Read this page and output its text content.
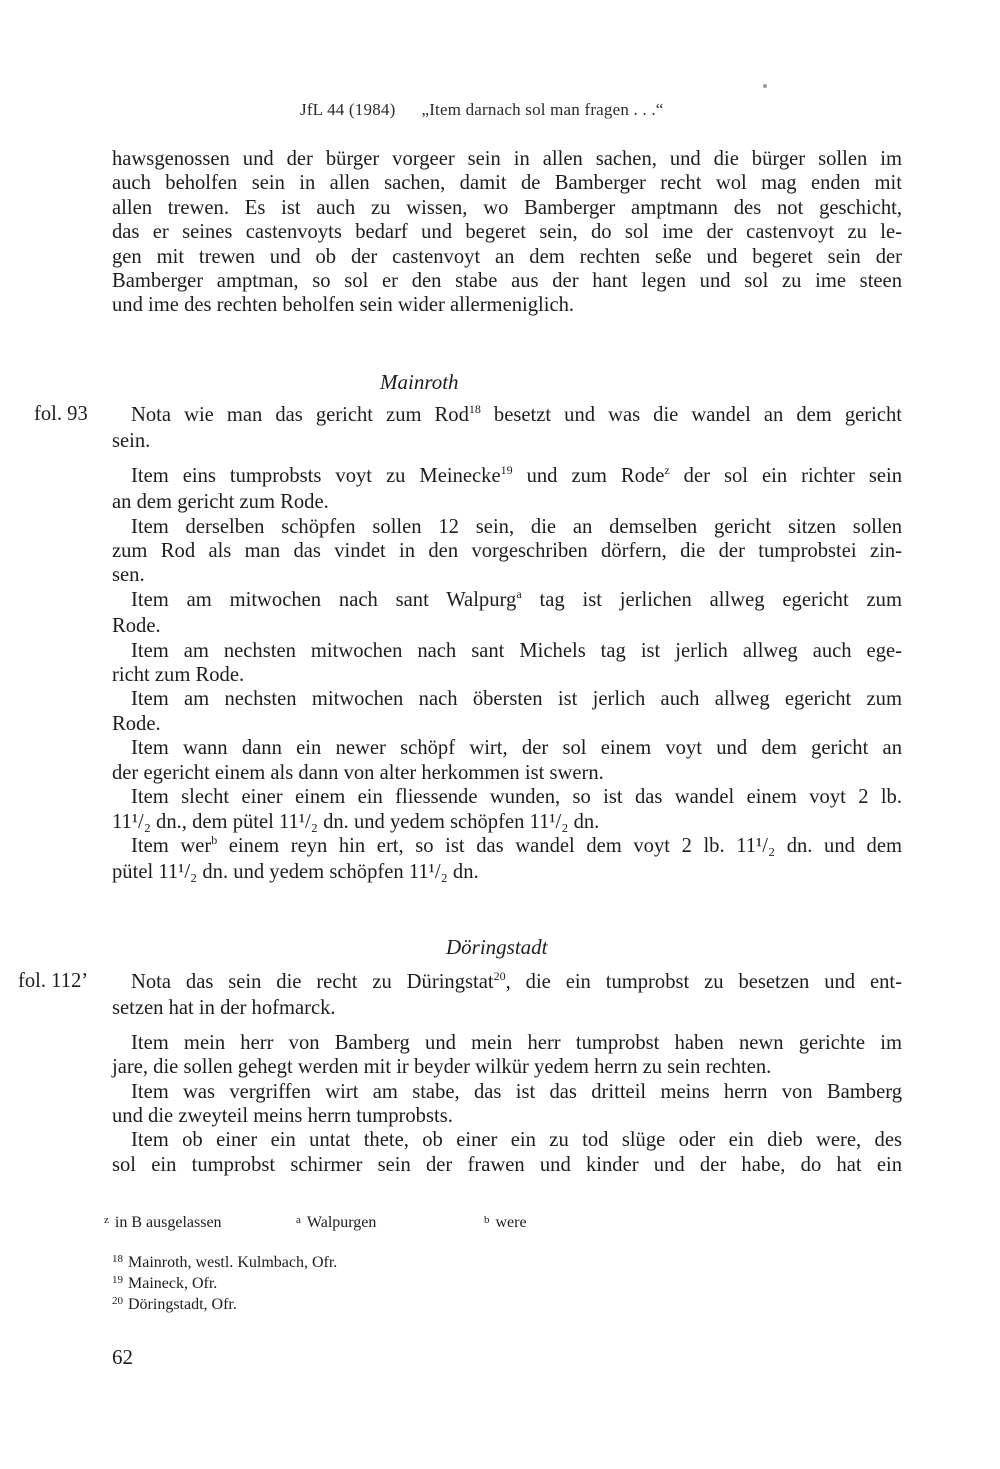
JfL 44 (1984) „Item darnach sol man fragen . . .“
hawsgenossen und der bürger vorgeer sein in allen sachen, und die bürger sollen im
auch beholfen sein in allen sachen, damit de Bamberger recht wol mag enden mit
allen trewen. Es ist auch zu wissen, wo Bamberger amptmann des not geschicht,
das er seines castenvoyts bedarf und begeret sein, do sol ime der castenvoyt zu le-
gen mit trewen und ob der castenvoyt an dem rechten seße und begeret sein der
Bamberger amptman, so sol er den stabe aus der hant legen und sol zu ime steen
und ime des rechten beholfen sein wider allermeniglich.
Mainroth
fol. 93	Nota wie man das gericht zum Rod$^{18}$ besetzt und was die wandel an dem gericht
sein.
Item eins tumprobsts voyt zu Meinecke$^{19}$ und zum Rode$^z$ der sol ein richter sein
an dem gericht zum Rode.
Item derselben schöpfen sollen 12 sein, die an demselben gericht sitzen sollen
zum Rod als man das vindet in den vorgeschriben dörfern, die der tumprobstei zin-
sen.
Item am mitwochen nach sant Walpurg$^a$ tag ist jerlichen allweg egericht zum
Rode.
Item am nechsten mitwochen nach sant Michels tag ist jerlich allweg auch ege-
richt zum Rode.
Item am nechsten mitwochen nach öbersten ist jerlich auch allweg egericht zum
Rode.
Item wann dann ein newer schöpf wirt, der sol einem voyt und dem gericht an
der egericht einem als dann von alter herkommen ist swern.
Item slecht einer einem ein fliessende wunden, so ist das wandel einem voyt 2 lb.
11¹/₂ dn., dem pütel 11¹/₂ dn. und yedem schöpfen 11¹/₂ dn.
Item wer$^b$ einem reyn hin ert, so ist das wandel dem voyt 2 lb. 11¹/₂ dn. und dem
pütel 11¹/₂ dn. und yedem schöpfen 11¹/₂ dn.
Döringstadt
fol. 112’	Nota das sein die recht zu Düringstat$^{20}$, die ein tumprobst zu besetzen und ent-
setzen hat in der hofmarck.
Item mein herr von Bamberg und mein herr tumprobst haben newn gerichte im
jare, die sollen gehegt werden mit ir beyder wilkür yedem herrn zu sein rechten.
Item was vergriffen wirt am stabe, das ist das dritteil meins herrn von Bamberg
und die zweyteil meins herrn tumprobsts.
Item ob einer ein untat thete, ob einer ein zu tod slüge oder ein dieb were, des
sol ein tumprobst schirmer sein der frawen und kinder und der habe, do hat ein
$^z$ in B ausgelassen	$^a$ Walpurgen	$^b$ were
$^{18}$ Mainroth, westl. Kulmbach, Ofr.
$^{19}$ Maineck, Ofr.
$^{20}$ Döringstadt, Ofr.
62
